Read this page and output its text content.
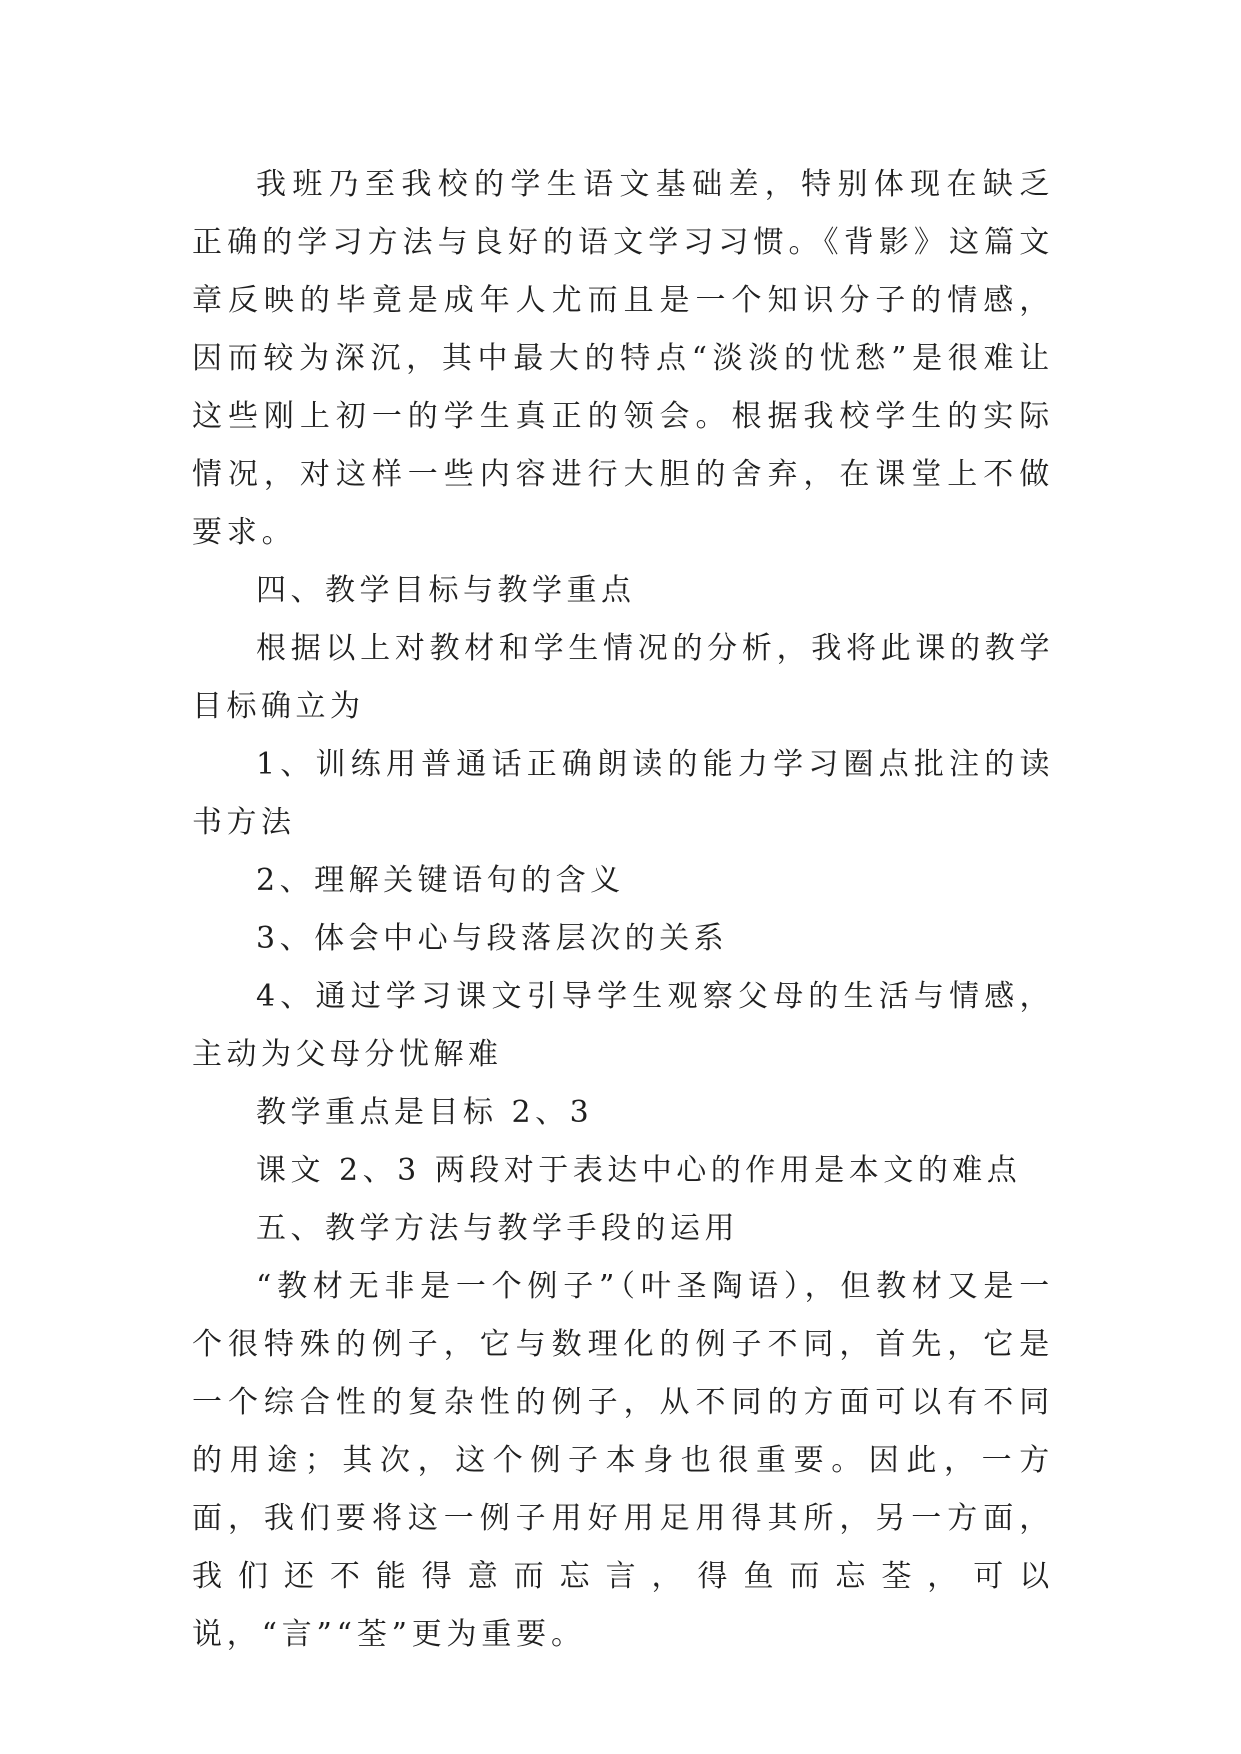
我班乃至我校的学生语文基础差，特别体现在缺乏正确的学习方法与良好的语文学习习惯。《背影》这篇文章反映的毕竟是成年人尤而且是一个知识分子的情感，因而较为深沉，其中最大的特点“淡淡的忧愁”是很难让这些刚上初一的学生真正的领会。根据我校学生的实际情况，对这样一些内容进行大胆的舍弃，在课堂上不做要求。

四、教学目标与教学重点

根据以上对教材和学生情况的分析，我将此课的教学目标确立为

1、训练用普通话正确朗读的能力学习圈点批注的读书方法

2、理解关键语句的含义

3、体会中心与段落层次的关系

4、通过学习课文引导学生观察父母的生活与情感，主动为父母分忧解难

教学重点是目标 2、3

课文 2、3 两段对于表达中心的作用是本文的难点

五、教学方法与教学手段的运用

“教材无非是一个例子”（叶圣陶语），但教材又是一个很特殊的例子，它与数理化的例子不同，首先，它是一个综合性的复杂性的例子，从不同的方面可以有不同的用途；其次，这个例子本身也很重要。因此，一方面，我们要将这一例子用好用足用得其所，另一方面，我们还不能得意而忘言，得鱼而忘荃，可以说，“言”“荃”更为重要。
